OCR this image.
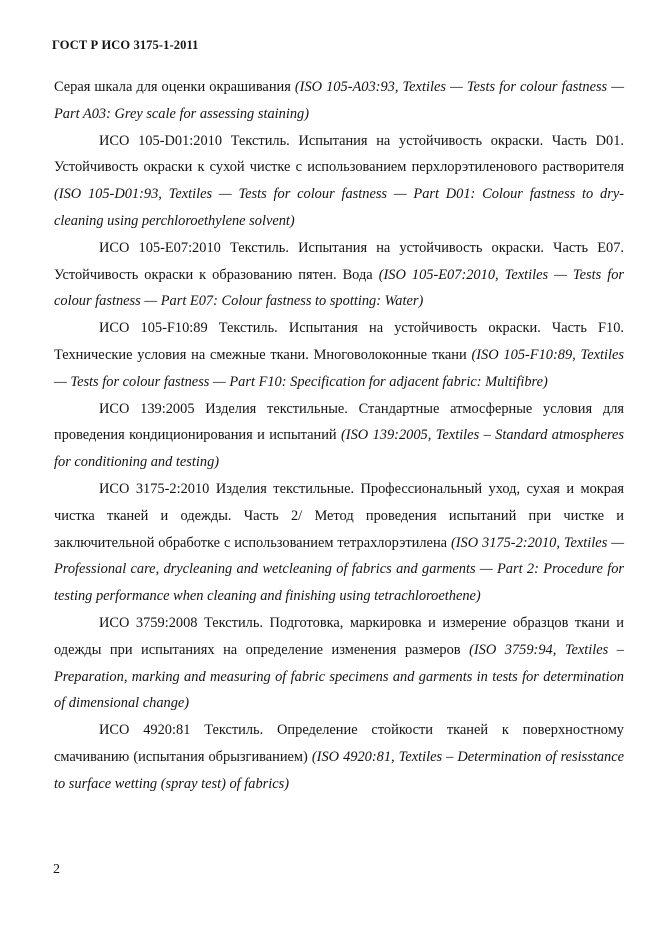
ГОСТ Р ИСО 3175-1-2011

Серая шкала для оценки окрашивания (ISO 105-A03:93, Textiles — Tests for colour fastness — Part A03: Grey scale for assessing staining)

ИСО 105-D01:2010 Текстиль. Испытания на устойчивость окраски. Часть D01. Устойчивость окраски к сухой чистке с использованием перхлорэтиленового растворителя (ISO 105-D01:93, Textiles — Tests for colour fastness — Part D01: Colour fastness to dry-cleaning using perchloroethylene solvent)

ИСО 105-E07:2010 Текстиль. Испытания на устойчивость окраски. Часть E07. Устойчивость окраски к образованию пятен. Вода (ISO 105-E07:2010, Textiles — Tests for colour fastness — Part E07: Colour fastness to spotting: Water)

ИСО 105-F10:89 Текстиль. Испытания на устойчивость окраски. Часть F10. Технические условия на смежные ткани. Многоволоконные ткани (ISO 105-F10:89, Textiles — Tests for colour fastness — Part F10: Specification for adjacent fabric: Multifibre)

ИСО 139:2005 Изделия текстильные. Стандартные атмосферные условия для проведения кондиционирования и испытаний (ISO 139:2005, Textiles – Standard atmospheres for conditioning and testing)

ИСО 3175-2:2010 Изделия текстильные. Профессиональный уход, сухая и мокрая чистка тканей и одежды. Часть 2/ Метод проведения испытаний при чистке и заключительной обработке с использованием тетрахлорэтилена (ISO 3175-2:2010, Textiles — Professional care, drycleaning and wetcleaning of fabrics and garments — Part 2: Procedure for testing performance when cleaning and finishing using tetrachloroethene)

ИСО 3759:2008 Текстиль. Подготовка, маркировка и измерение образцов ткани и одежды при испытаниях на определение изменения размеров (ISO 3759:94, Textiles – Preparation, marking and measuring of fabric specimens and garments in tests for determination of dimensional change)

ИСО 4920:81 Текстиль. Определение стойкости тканей к поверхностному смачиванию (испытания обрызгиванием) (ISO 4920:81, Textiles – Determination of resisstance to surface wetting (spray test) of fabrics)

2
